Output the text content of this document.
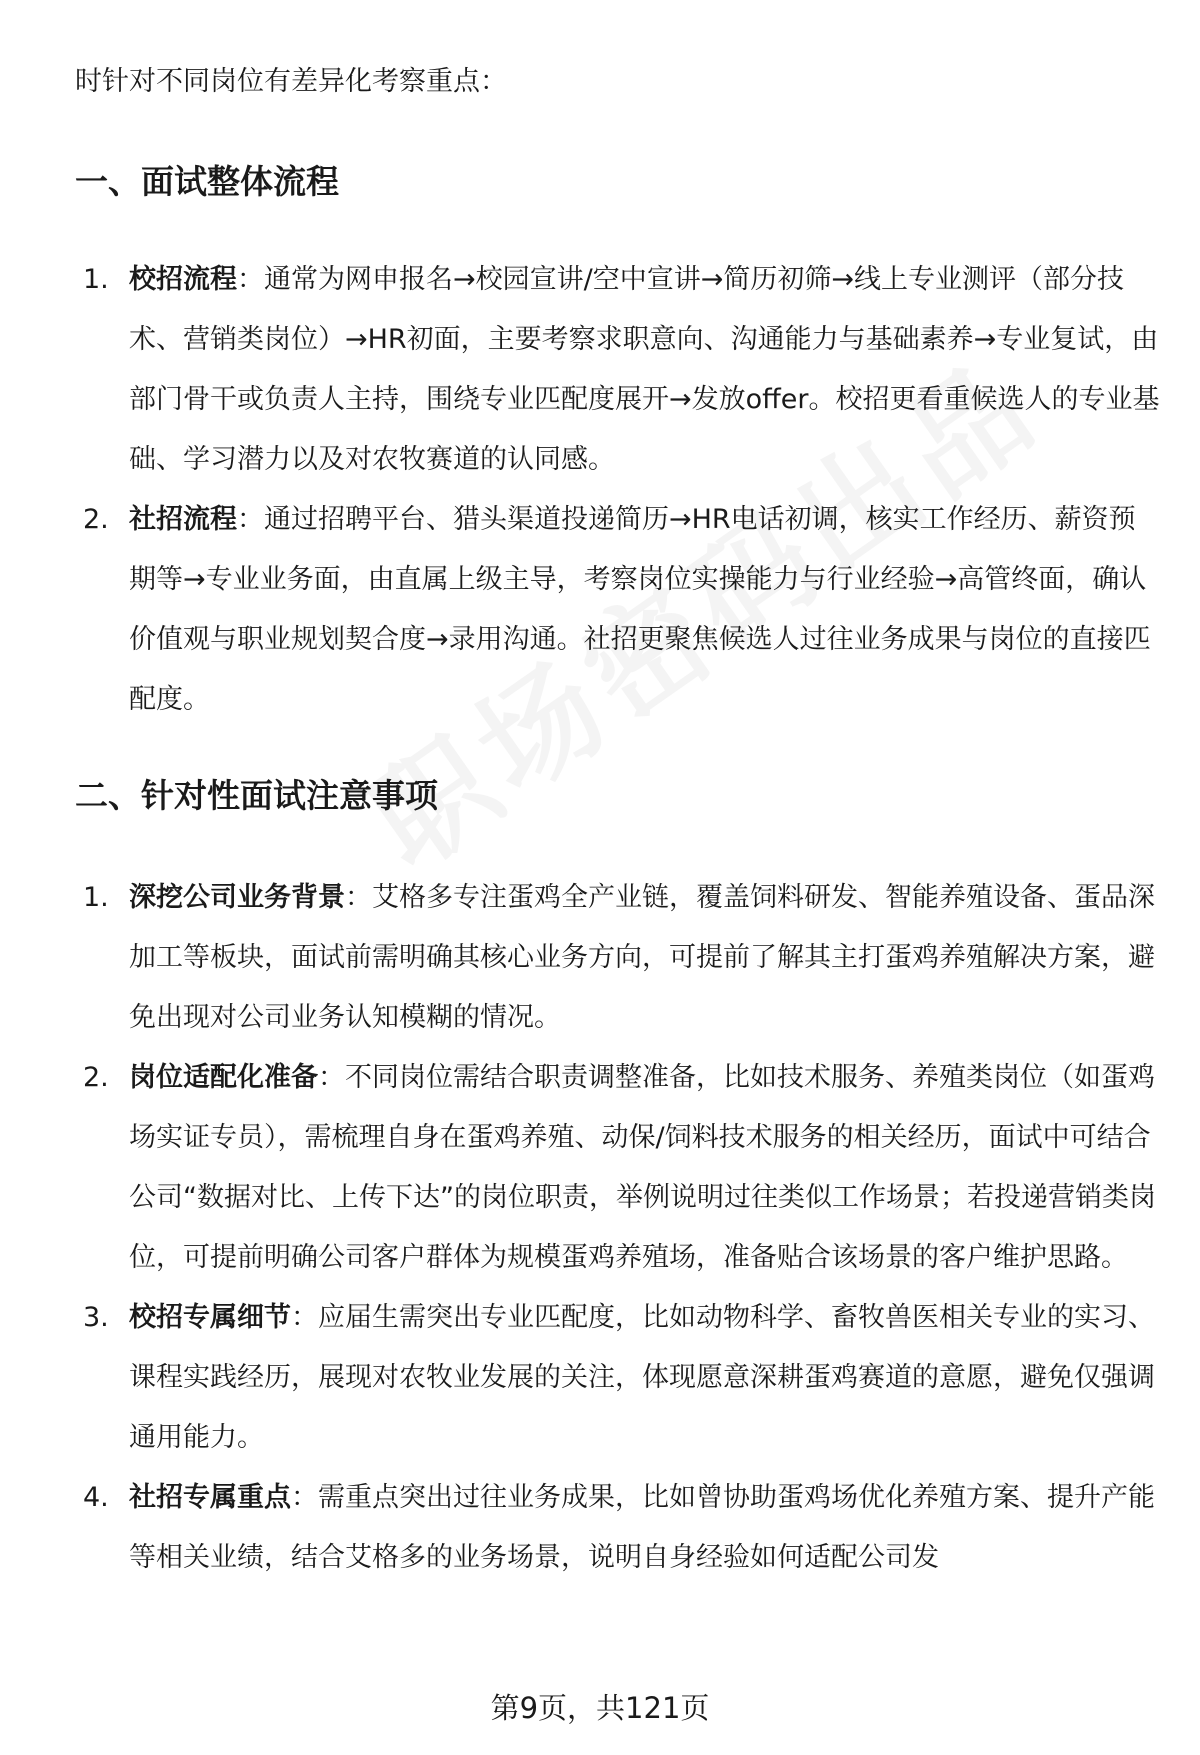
时针对不同岗位有差异化考察重点：

一、面试整体流程
1. 校招流程：通常为网申报名→校园宣讲/空中宣讲→简历初筛→线上专业测评（部分技术、营销类岗位）→HR初面，主要考察求职意向、沟通能力与基础素养→专业复试，由部门骨干或负责人主持，围绕专业匹配度展开→发放offer。校招更看重候选人的专业基础、学习潜力以及对农牧赛道的认同感。
2. 社招流程：通过招聘平台、猎头渠道投递简历→HR电话初调，核实工作经历、薪资预期等→专业业务面，由直属上级主导，考察岗位实操能力与行业经验→高管终面，确认价值观与职业规划契合度→录用沟通。社招更聚焦候选人过往业务成果与岗位的直接匹配度。
二、针对性面试注意事项
1. 深挖公司业务背景：艾格多专注蛋鸡全产业链，覆盖饲料研发、智能养殖设备、蛋品深加工等板块，面试前需明确其核心业务方向，可提前了解其主打蛋鸡养殖解决方案，避免出现对公司业务认知模糊的情况。
2. 岗位适配化准备：不同岗位需结合职责调整准备，比如技术服务、养殖类岗位（如蛋鸡场实证专员），需梳理自身在蛋鸡养殖、动保/饲料技术服务的相关经历，面试中可结合公司“数据对比、上传下达”的岗位职责，举例说明过往类似工作场景；若投递营销类岗位，可提前明确公司客户群体为规模蛋鸡养殖场，准备贴合该场景的客户维护思路。
3. 校招专属细节：应届生需突出专业匹配度，比如动物科学、畜牧兽医相关专业的实习、课程实践经历，展现对农牧业发展的关注，体现愿意深耕蛋鸡赛道的意愿，避免仅强调通用能力。
4. 社招专属重点：需重点突出过往业务成果，比如曾协助蛋鸡场优化养殖方案、提升产能等相关业绩，结合艾格多的业务场景，说明自身经验如何适配公司发
第9页，共121页
